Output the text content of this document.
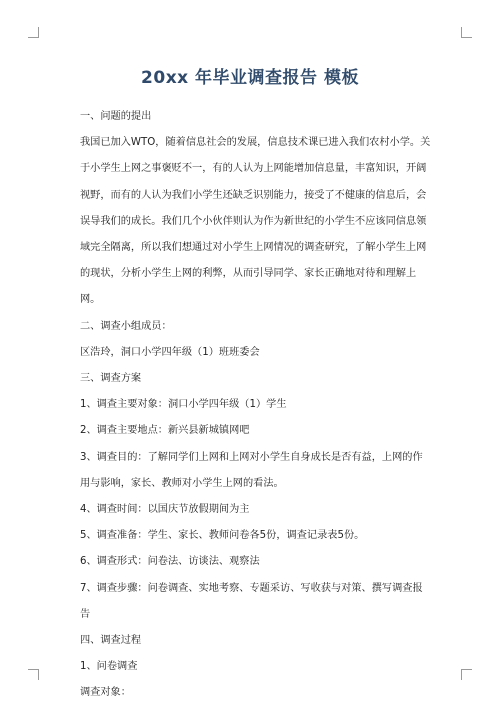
20xx 年毕业调查报告 模板

一、问题的提出

我国已加入WTO，随着信息社会的发展，信息技术课已进入我们农村小学。关于小学生上网之事褒贬不一，有的人认为上网能增加信息量，丰富知识，开阔视野，而有的人认为我们小学生还缺乏识别能力，接受了不健康的信息后，会误导我们的成长。我们几个小伙伴则认为作为新世纪的小学生不应该同信息领域完全隔离，所以我们想通过对小学生上网情况的调查研究，了解小学生上网的现状，分析小学生上网的利弊，从而引导同学、家长正确地对待和理解上网。

二、调查小组成员：

区浩玲，洞口小学四年级（1）班班委会

三、调查方案

1、调查主要对象：洞口小学四年级（1）学生

2、调查主要地点：新兴县新城镇网吧

3、调查目的：了解同学们上网和上网对小学生自身成长是否有益，上网的作用与影响，家长、教师对小学生上网的看法。

4、调查时间：以国庆节放假期间为主

5、调查准备：学生、家长、教师问卷各5份，调查记录表5份。

6、调查形式：问卷法、访谈法、观察法

7、调查步骤：问卷调查、实地考察、专题采访、写收获与对策、撰写调查报告

四、调查过程

1、问卷调查

调查对象：
